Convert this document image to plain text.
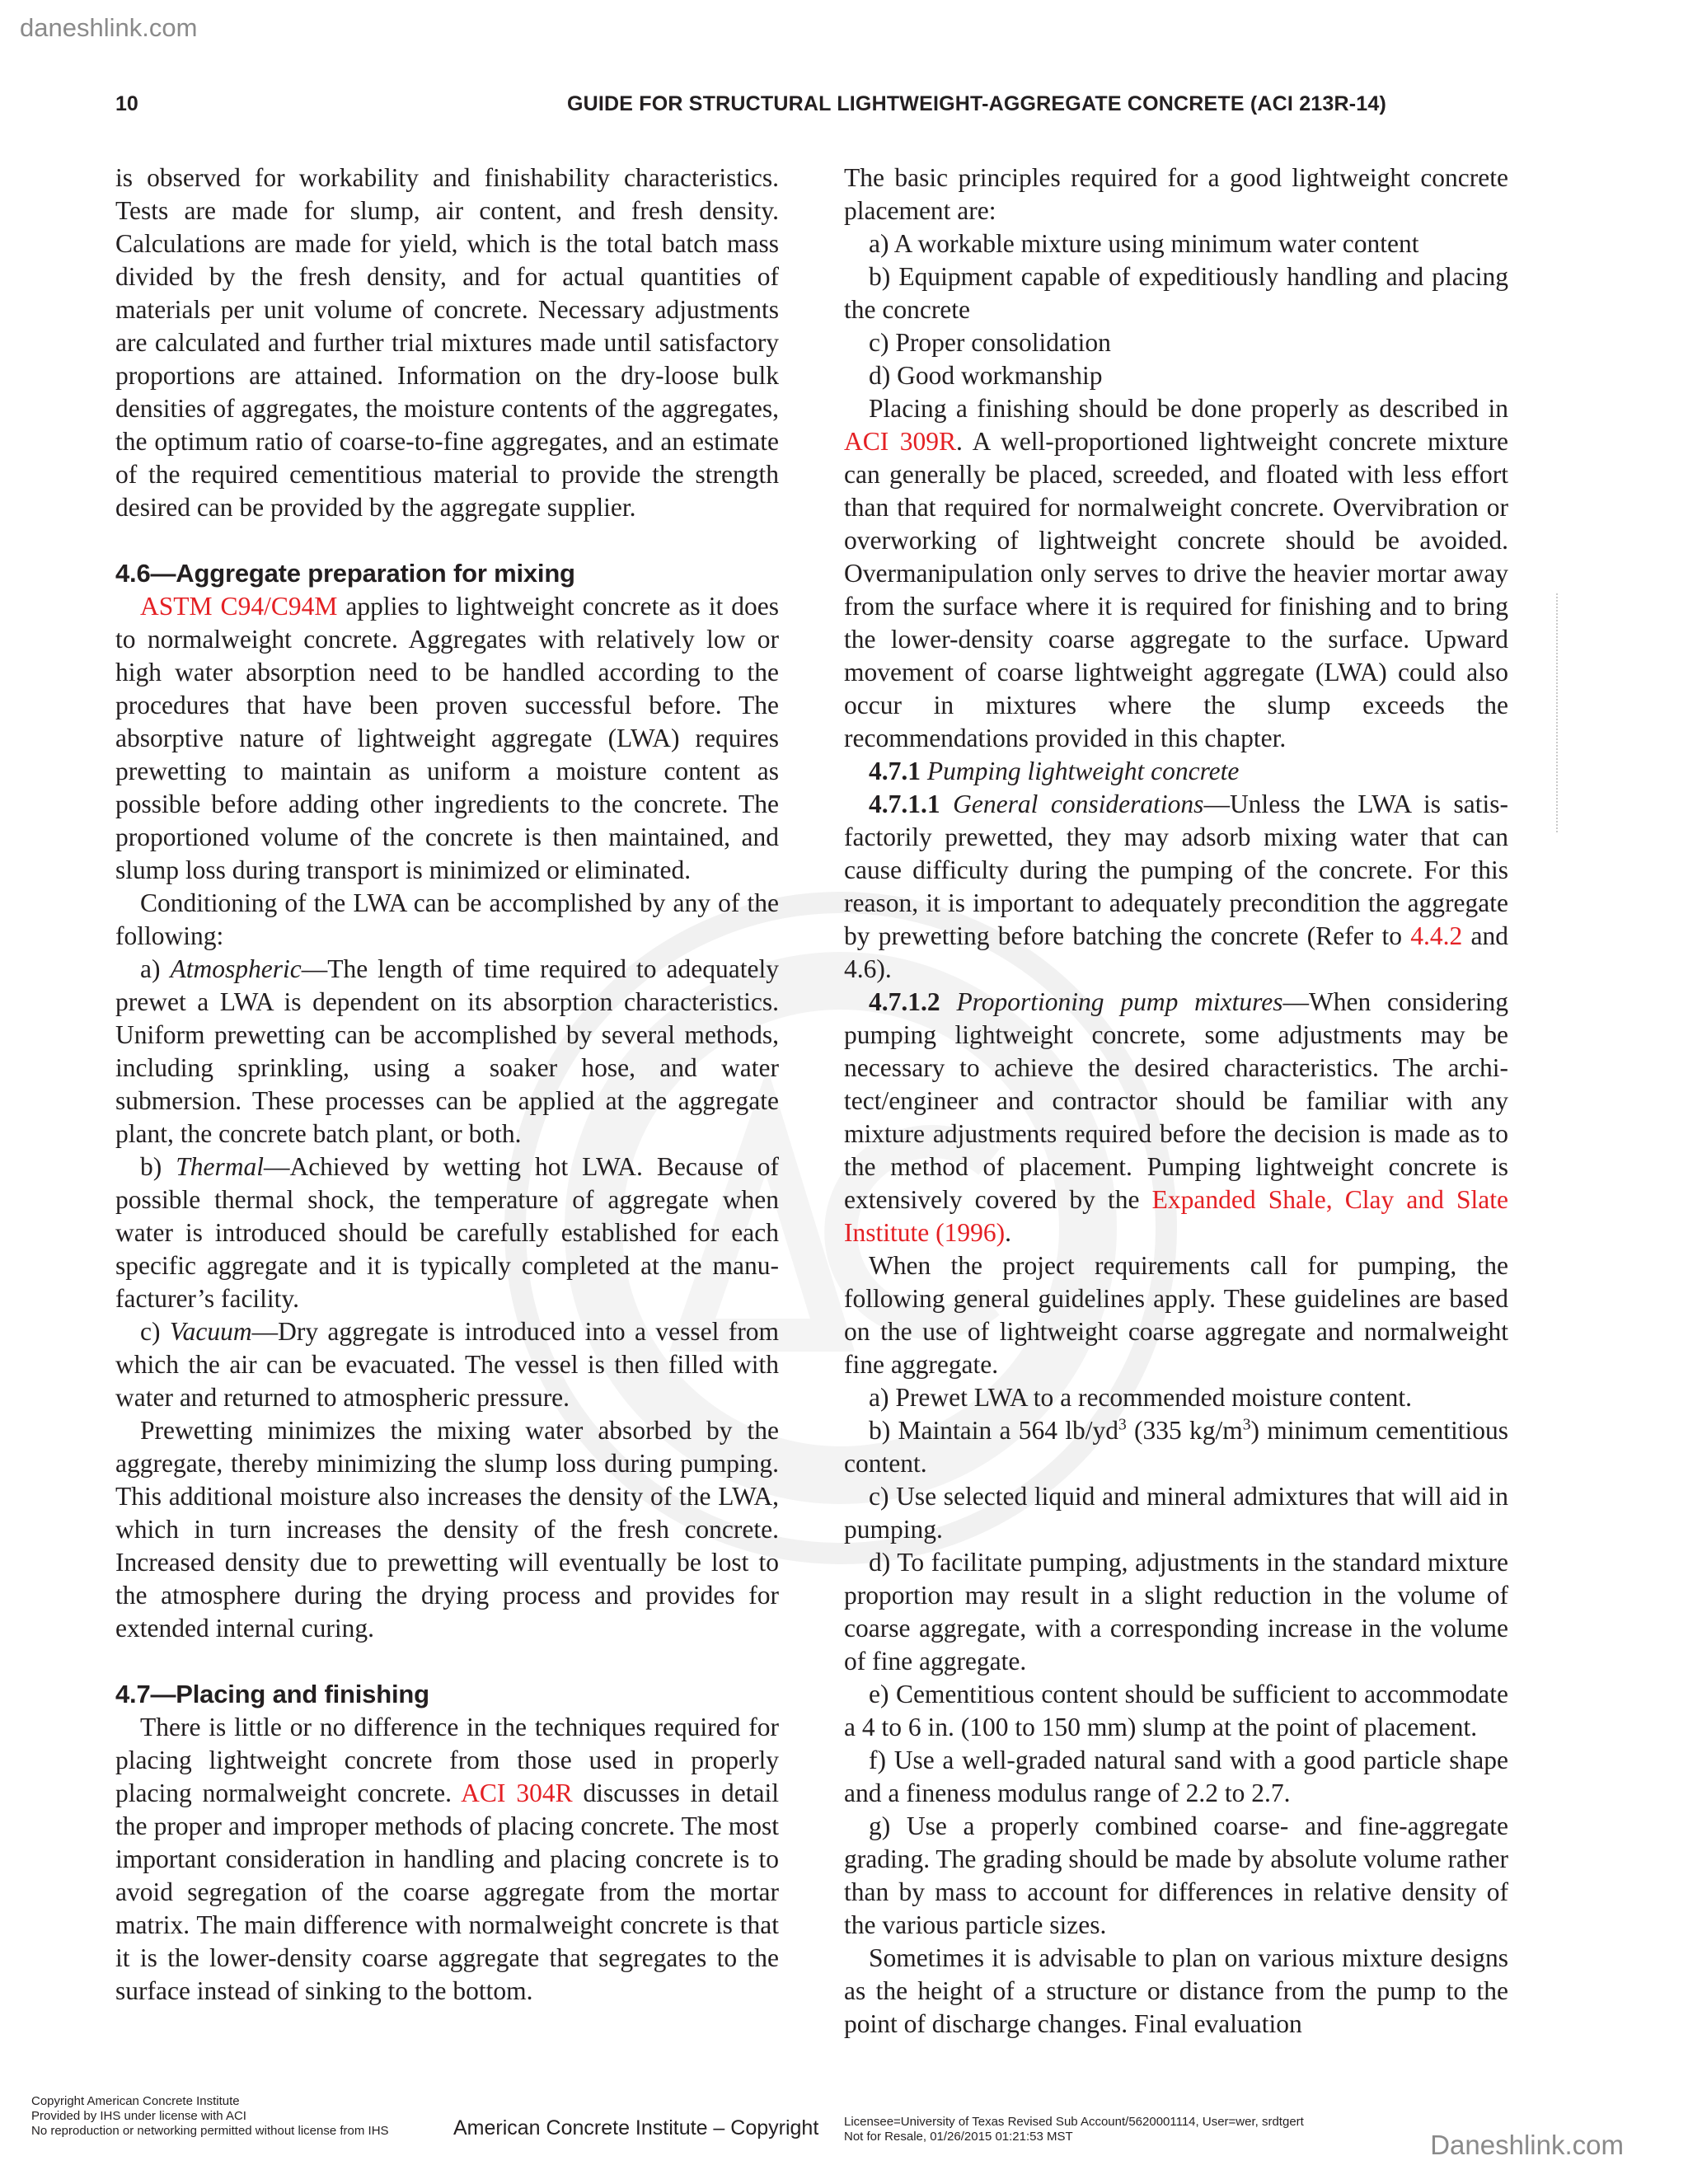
daneshlink.com
10	GUIDE FOR STRUCTURAL LIGHTWEIGHT-AGGREGATE CONCRETE (ACI 213R-14)

is observed for workability and finishability characteristics. Tests are made for slump, air content, and fresh density. Calculations are made for yield, which is the total batch mass divided by the fresh density, and for actual quantities of materials per unit volume of concrete. Necessary adjustments are calculated and further trial mixtures made until satisfactory proportions are attained. Information on the dry-loose bulk densities of aggregates, the moisture contents of the aggregates, the optimum ratio of coarse-to-fine aggregates, and an estimate of the required cementitious material to provide the strength desired can be provided by the aggregate supplier.

4.6—Aggregate preparation for mixing

ASTM C94/C94M applies to lightweight concrete as it does to normalweight concrete. Aggregates with relatively low or high water absorption need to be handled according to the procedures that have been proven successful before. The absorptive nature of lightweight aggregate (LWA) requires prewetting to maintain as uniform a moisture content as possible before adding other ingredients to the concrete. The proportioned volume of the concrete is then maintained, and slump loss during transport is minimized or eliminated.

Conditioning of the LWA can be accomplished by any of the following:

a) Atmospheric—The length of time required to adequately prewet a LWA is dependent on its absorption characteristics. Uniform prewetting can be accomplished by several methods, including sprinkling, using a soaker hose, and water submersion. These processes can be applied at the aggregate plant, the concrete batch plant, or both.

b) Thermal—Achieved by wetting hot LWA. Because of possible thermal shock, the temperature of aggregate when water is introduced should be carefully established for each specific aggregate and it is typically completed at the manufacturer’s facility.

c) Vacuum—Dry aggregate is introduced into a vessel from which the air can be evacuated. The vessel is then filled with water and returned to atmospheric pressure.

Prewetting minimizes the mixing water absorbed by the aggregate, thereby minimizing the slump loss during pumping. This additional moisture also increases the density of the LWA, which in turn increases the density of the fresh concrete. Increased density due to prewetting will eventually be lost to the atmosphere during the drying process and provides for extended internal curing.

4.7—Placing and finishing

There is little or no difference in the techniques required for placing lightweight concrete from those used in properly placing normalweight concrete. ACI 304R discusses in detail the proper and improper methods of placing concrete. The most important consideration in handling and placing concrete is to avoid segregation of the coarse aggregate from the mortar matrix. The main difference with normalweight concrete is that it is the lower-density coarse aggregate that segregates to the surface instead of sinking to the bottom.

The basic principles required for a good lightweight concrete placement are:

a) A workable mixture using minimum water content

b) Equipment capable of expeditiously handling and placing the concrete

c) Proper consolidation

d) Good workmanship

Placing a finishing should be done properly as described in ACI 309R. A well-proportioned lightweight concrete mixture can generally be placed, screeded, and floated with less effort than that required for normalweight concrete. Overvibration or overworking of lightweight concrete should be avoided. Overmanipulation only serves to drive the heavier mortar away from the surface where it is required for finishing and to bring the lower-density coarse aggregate to the surface. Upward movement of coarse lightweight aggregate (LWA) could also occur in mixtures where the slump exceeds the recommendations provided in this chapter.

4.7.1 Pumping lightweight concrete

4.7.1.1 General considerations—Unless the LWA is satisfactorily prewetted, they may adsorb mixing water that can cause difficulty during the pumping of the concrete. For this reason, it is important to adequately precondition the aggregate by prewetting before batching the concrete (Refer to 4.4.2 and 4.6).

4.7.1.2 Proportioning pump mixtures—When considering pumping lightweight concrete, some adjustments may be necessary to achieve the desired characteristics. The architect/engineer and contractor should be familiar with any mixture adjustments required before the decision is made as to the method of placement. Pumping lightweight concrete is extensively covered by the Expanded Shale, Clay and Slate Institute (1996).

When the project requirements call for pumping, the following general guidelines apply. These guidelines are based on the use of lightweight coarse aggregate and normalweight fine aggregate.

a) Prewet LWA to a recommended moisture content.

b) Maintain a 564 $lb/yd^3$ (335 $kg/m^3$) minimum cementitious content.

c) Use selected liquid and mineral admixtures that will aid in pumping.

d) To facilitate pumping, adjustments in the standard mixture proportion may result in a slight reduction in the volume of coarse aggregate, with a corresponding increase in the volume of fine aggregate.

e) Cementitious content should be sufficient to accommodate a 4 to 6 in. (100 to 150 mm) slump at the point of placement.

f) Use a well-graded natural sand with a good particle shape and a fineness modulus range of 2.2 to 2.7.

g) Use a properly combined coarse- and fine-aggregate grading. The grading should be made by absolute volume rather than by mass to account for differences in relative density of the various particle sizes.

Sometimes it is advisable to plan on various mixture designs as the height of a structure or distance from the pump to the point of discharge changes. Final evaluation

Copyright American Concrete Institute
Provided by IHS under license with ACI
No reproduction or networking permitted without license from IHS	American Concrete Institute – Copyright Licensee=University of Texas Revised Sub Account/5620001114, User=wer, srdtgert
Not for Resale, 01/26/2015 01:21:53 MST	Daneshlink.com
